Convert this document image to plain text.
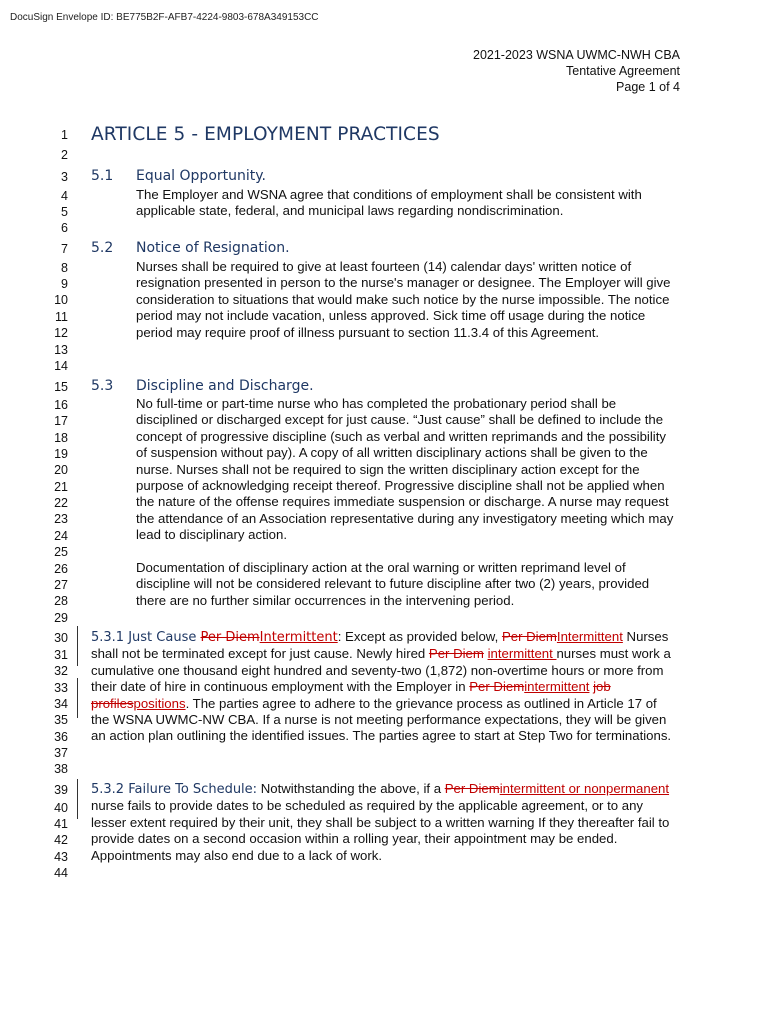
DocuSign Envelope ID: BE775B2F-AFB7-4224-9803-678A349153CC
2021-2023 WSNA UWMC-NWH CBA
Tentative Agreement
Page 1 of 4
1
2
3
4
5
6
7
8
9
10
11
12
13
14
15
16
17
18
19
20
21
22
23
24
25
26
27
28
29
30
31
32
33
34
35
36
37
38
39
40
41
42
43
44
ARTICLE 5 - EMPLOYMENT PRACTICES
5.1 Equal Opportunity.
The Employer and WSNA agree that conditions of employment shall be consistent with applicable state, federal, and municipal laws regarding nondiscrimination.
5.2 Notice of Resignation.
Nurses shall be required to give at least fourteen (14) calendar days' written notice of resignation presented in person to the nurse's manager or designee. The Employer will give consideration to situations that would make such notice by the nurse impossible. The notice period may not include vacation, unless approved. Sick time off usage during the notice period may require proof of illness pursuant to section 11.3.4 of this Agreement.
5.3 Discipline and Discharge.
No full-time or part-time nurse who has completed the probationary period shall be disciplined or discharged except for just cause. “Just cause” shall be defined to include the concept of progressive discipline (such as verbal and written reprimands and the possibility of suspension without pay). A copy of all written disciplinary actions shall be given to the nurse. Nurses shall not be required to sign the written disciplinary action except for the purpose of acknowledging receipt thereof. Progressive discipline shall not be applied when the nature of the offense requires immediate suspension or discharge. A nurse may request the attendance of an Association representative during any investigatory meeting which may lead to disciplinary action.
Documentation of disciplinary action at the oral warning or written reprimand level of discipline will not be considered relevant to future discipline after two (2) years, provided there are no further similar occurrences in the intervening period.
5.3.1 Just Cause Per DiemIntermittent: Except as provided below, Per DiemIntermittent Nurses shall not be terminated except for just cause. Newly hired Per Diem intermittent nurses must work a cumulative one thousand eight hundred and seventy-two (1,872) non-overtime hours or more from their date of hire in continuous employment with the Employer in Per Diemintermittent job profilespositions. The parties agree to adhere to the grievance process as outlined in Article 17 of the WSNA UWMC-NW CBA. If a nurse is not meeting performance expectations, they will be given an action plan outlining the identified issues. The parties agree to start at Step Two for terminations.
5.3.2 Failure To Schedule: Notwithstanding the above, if a Per Diemintermittent or nonpermanent nurse fails to provide dates to be scheduled as required by the applicable agreement, or to any lesser extent required by their unit, they shall be subject to a written warning If they thereafter fail to provide dates on a second occasion within a rolling year, their appointment may be ended. Appointments may also end due to a lack of work.
